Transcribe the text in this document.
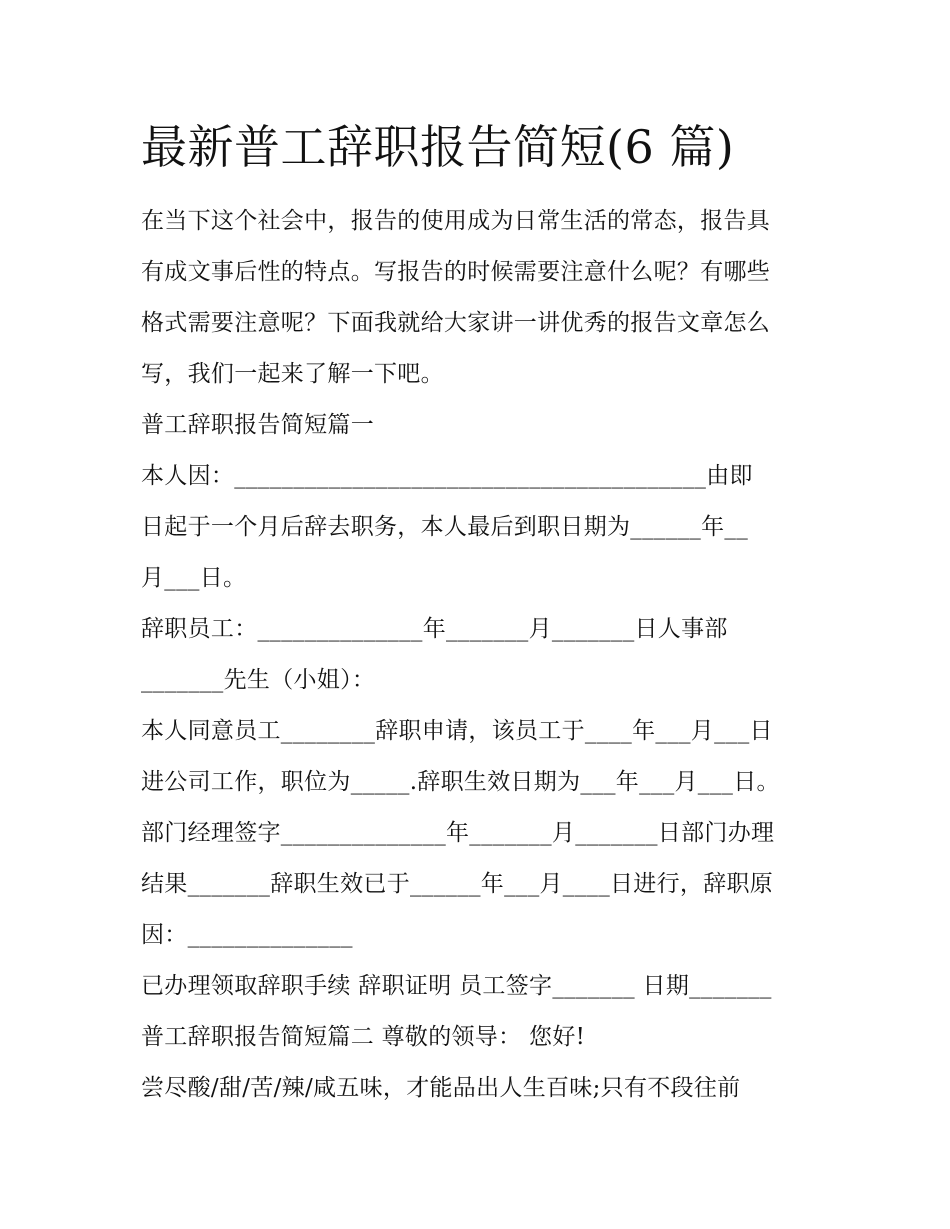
最新普工辞职报告简短(6 篇)
在当下这个社会中，报告的使用成为日常生活的常态，报告具
有成文事后性的特点。写报告的时候需要注意什么呢？有哪些
格式需要注意呢？下面我就给大家讲一讲优秀的报告文章怎么
写，我们一起来了解一下吧。
普工辞职报告简短篇一
本人因：________________________________________由即
日起于一个月后辞去职务，本人最后到职日期为______年__
月___日。
辞职员工：______________年_______月_______日人事部
_______先生（小姐）：
本人同意员工________辞职申请，该员工于____年___月___日
进公司工作，职位为_____.辞职生效日期为___年___月___日。
部门经理签字______________年_______月_______日部门办理
结果_______辞职生效已于______年___月____日进行，辞职原
因：______________
已办理领取辞职手续 辞职证明 员工签字_______ 日期_______
普工辞职报告简短篇二 尊敬的领导： 您好!
尝尽酸/甜/苦/辣/咸五味，才能品出人生百味;只有不段往前
